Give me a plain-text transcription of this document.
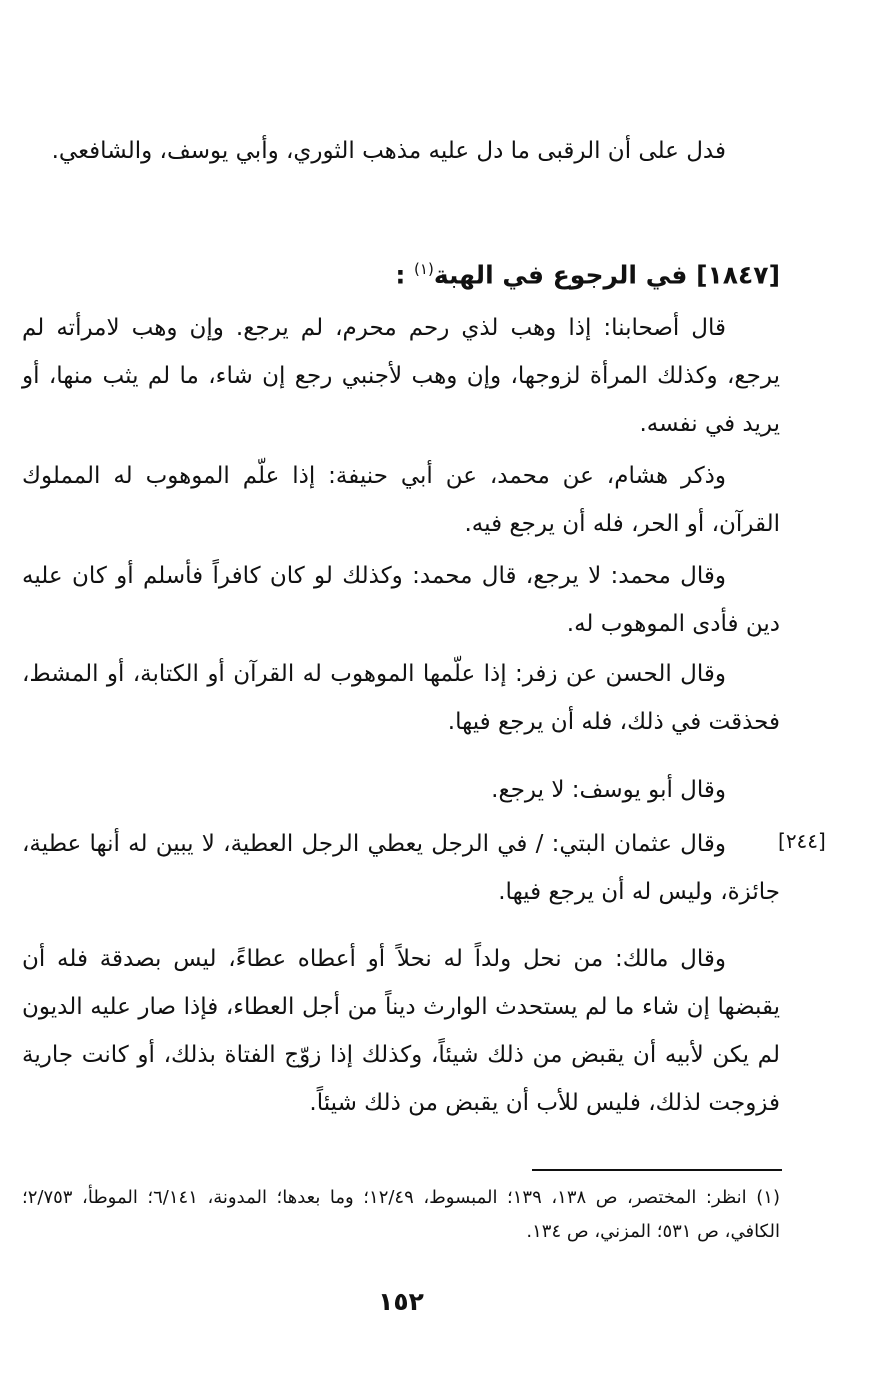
فدل على أن الرقبى ما دل عليه مذهب الثوري، وأبي يوسف، والشافعي.

[١٨٤٧] في الرجوع في الهبة$^{(١)}$ :

قال أصحابنا: إذا وهب لذي رحم محرم، لم يرجع. وإن وهب لامرأته لم يرجع، وكذلك المرأة لزوجها، وإن وهب لأجنبي رجع إن شاء، ما لم يثب منها، أو يريد في نفسه.

وذكر هشام، عن محمد، عن أبي حنيفة: إذا علّم الموهوب له المملوك القرآن، أو الحر، فله أن يرجع فيه.

وقال محمد: لا يرجع، قال محمد: وكذلك لو كان كافراً فأسلم أو كان عليه دين فأدى الموهوب له.

وقال الحسن عن زفر: إذا علّمها الموهوب له القرآن أو الكتابة، أو المشط، فحذقت في ذلك، فله أن يرجع فيها.

وقال أبو يوسف: لا يرجع.

وقال عثمان البتي: / في الرجل يعطي الرجل العطية، لا يبين له أنها عطية، جائزة، وليس له أن يرجع فيها.

وقال مالك: من نحل ولداً له نحلاً أو أعطاه عطاءً، ليس بصدقة فله أن يقبضها إن شاء ما لم يستحدث الوارث ديناً من أجل العطاء، فإذا صار عليه الديون لم يكن لأبيه أن يقبض من ذلك شيئاً، وكذلك إذا زوّج الفتاة بذلك، أو كانت جارية فزوجت لذلك، فليس للأب أن يقبض من ذلك شيئاً.

(١) انظر: المختصر، ص ١٣٨، ١٣٩؛ المبسوط، ١٢/٤٩؛ وما بعدها؛ المدونة، ٦/١٤١؛ الموطأ، ٢/٧٥٣؛ الكافي، ص ٥٣١؛ المزني، ص ١٣٤.

١٥٢
[٢٤٤]
